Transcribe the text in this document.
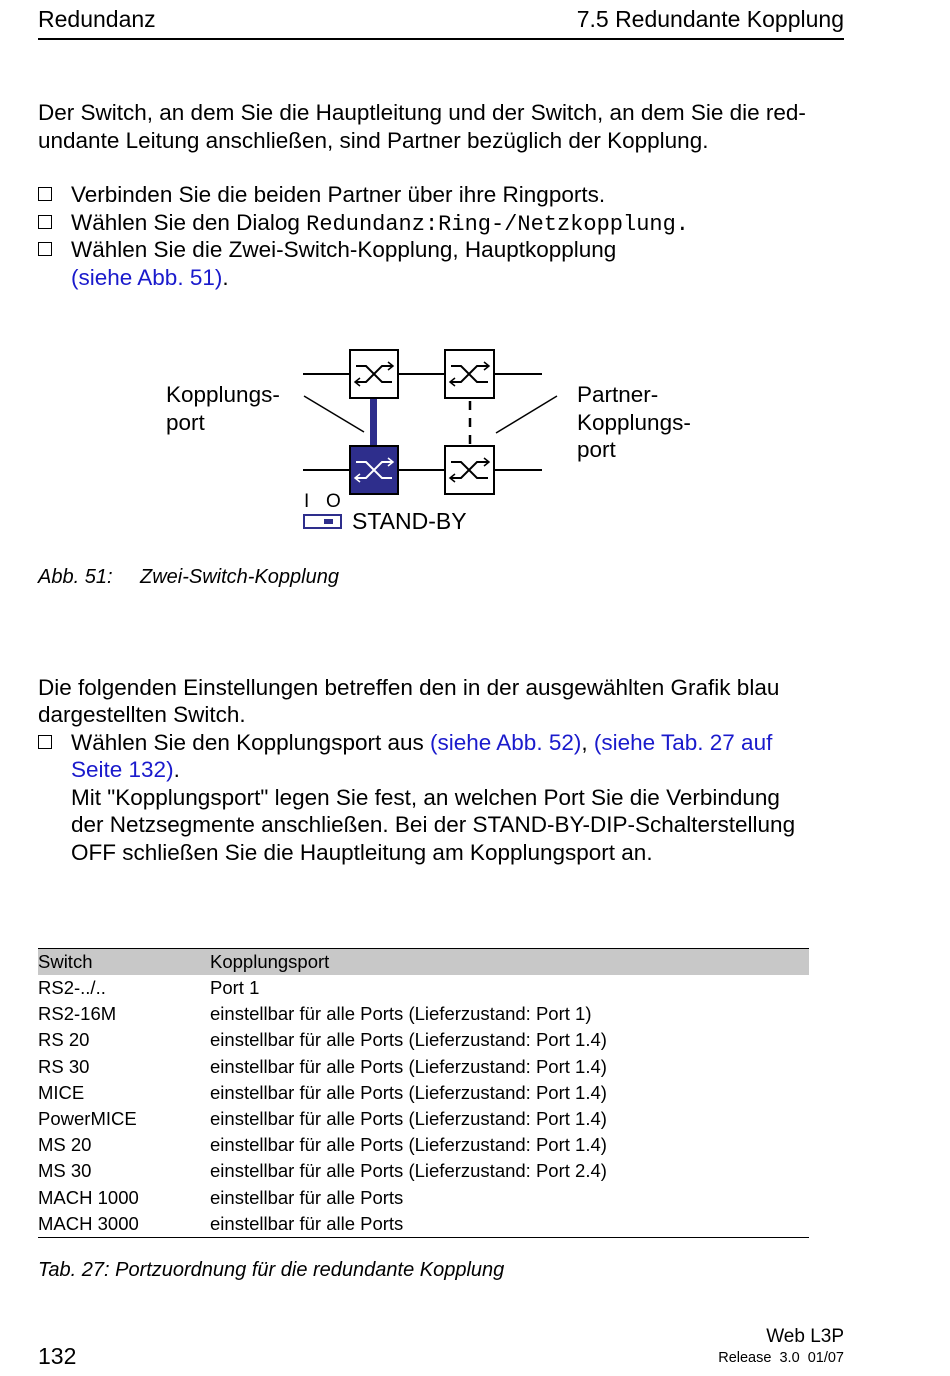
Redundanz	7.5 Redundante Kopplung
Der Switch, an dem Sie die Hauptleitung und der Switch, an dem Sie die red-
undante Leitung anschließen, sind Partner bezüglich der Kopplung.
Verbinden Sie die beiden Partner über ihre Ringports.
Wählen Sie den Dialog Redundanz:Ring-/Netzkopplung.
Wählen Sie die Zwei-Switch-Kopplung, Hauptkopplung
(siehe Abb. 51).
Kopplungs-
port
Partner-
Kopplungs-
port
I O
STAND-BY
Abb. 51: Zwei-Switch-Kopplung
Die folgenden Einstellungen betreffen den in der ausgewählten Grafik blau
dargestellten Switch.
Wählen Sie den Kopplungsport aus (siehe Abb. 52), (siehe Tab. 27 auf
Seite 132).
Mit "Kopplungsport" legen Sie fest, an welchen Port Sie die Verbindung
der Netzsegmente anschließen. Bei der STAND-BY-DIP-Schalterstellung
OFF schließen Sie die Hauptleitung am Kopplungsport an.
Switch	Kopplungsport
RS2-../..	Port 1
RS2-16M	einstellbar für alle Ports (Lieferzustand: Port 1)
RS 20	einstellbar für alle Ports (Lieferzustand: Port 1.4)
RS 30	einstellbar für alle Ports (Lieferzustand: Port 1.4)
MICE	einstellbar für alle Ports (Lieferzustand: Port 1.4)
PowerMICE	einstellbar für alle Ports (Lieferzustand: Port 1.4)
MS 20	einstellbar für alle Ports (Lieferzustand: Port 1.4)
MS 30	einstellbar für alle Ports (Lieferzustand: Port 2.4)
MACH 1000	einstellbar für alle Ports
MACH 3000	einstellbar für alle Ports
Tab. 27: Portzuordnung für die redundante Kopplung
132
Web L3P
Release  3.0  01/07
